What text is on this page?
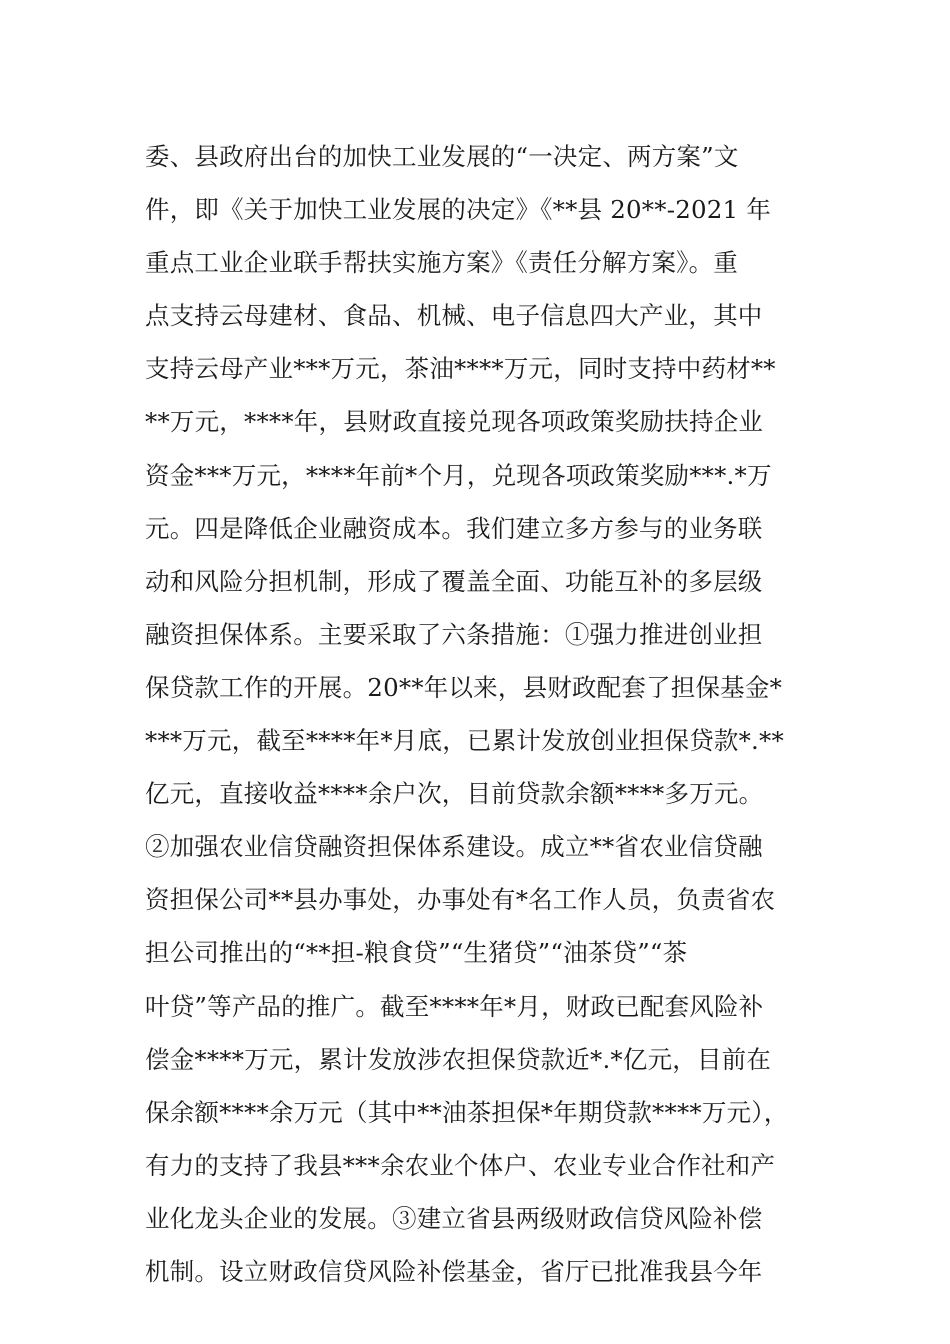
委、县政府出台的加快工业发展的“一决定、两方案”文
件，即《关于加快工业发展的决定》《**县 20**-2021 年
重点工业企业联手帮扶实施方案》《责任分解方案》。重
点支持云母建材、食品、机械、电子信息四大产业，其中
支持云母产业***万元，茶油****万元，同时支持中药材**
**万元，****年，县财政直接兑现各项政策奖励扶持企业
资金***万元，****年前*个月，兑现各项政策奖励***.*万
元。四是降低企业融资成本。我们建立多方参与的业务联
动和风险分担机制，形成了覆盖全面、功能互补的多层级
融资担保体系。主要采取了六条措施：①强力推进创业担
保贷款工作的开展。20**年以来，县财政配套了担保基金*
***万元，截至****年*月底，已累计发放创业担保贷款*.**
亿元，直接收益****余户次，目前贷款余额****多万元。
②加强农业信贷融资担保体系建设。成立**省农业信贷融
资担保公司**县办事处，办事处有*名工作人员，负责省农
担公司推出的“**担-粮食贷”“生猪贷”“油茶贷”“茶
叶贷”等产品的推广。截至****年*月，财政已配套风险补
偿金****万元，累计发放涉农担保贷款近*.*亿元，目前在
保余额****余万元（其中**油茶担保*年期贷款****万元），
有力的支持了我县***余农业个体户、农业专业合作社和产
业化龙头企业的发展。③建立省县两级财政信贷风险补偿
机制。设立财政信贷风险补偿基金，省厅已批准我县今年
